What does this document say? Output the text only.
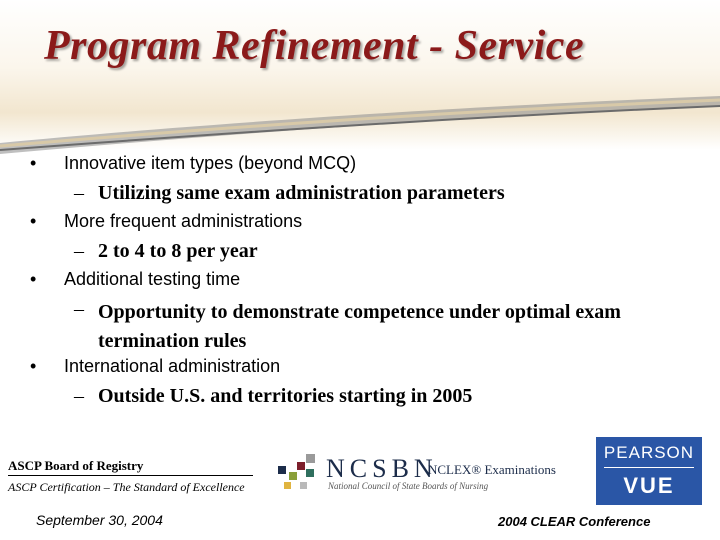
Program Refinement - Service
• Innovative item types (beyond MCQ)
– Utilizing same exam administration parameters
• More frequent administrations
– 2 to 4 to 8 per year
• Additional testing time
– Opportunity to demonstrate competence under optimal exam termination rules
• International administration
– Outside U.S. and territories starting in 2005
ASCP Board of Registry
ASCP Certification – The Standard of Excellence
NCSBN
NCLEX® Examinations
National Council of State Boards of Nursing
PEARSON
VUE
September 30, 2004	2004 CLEAR Conference
